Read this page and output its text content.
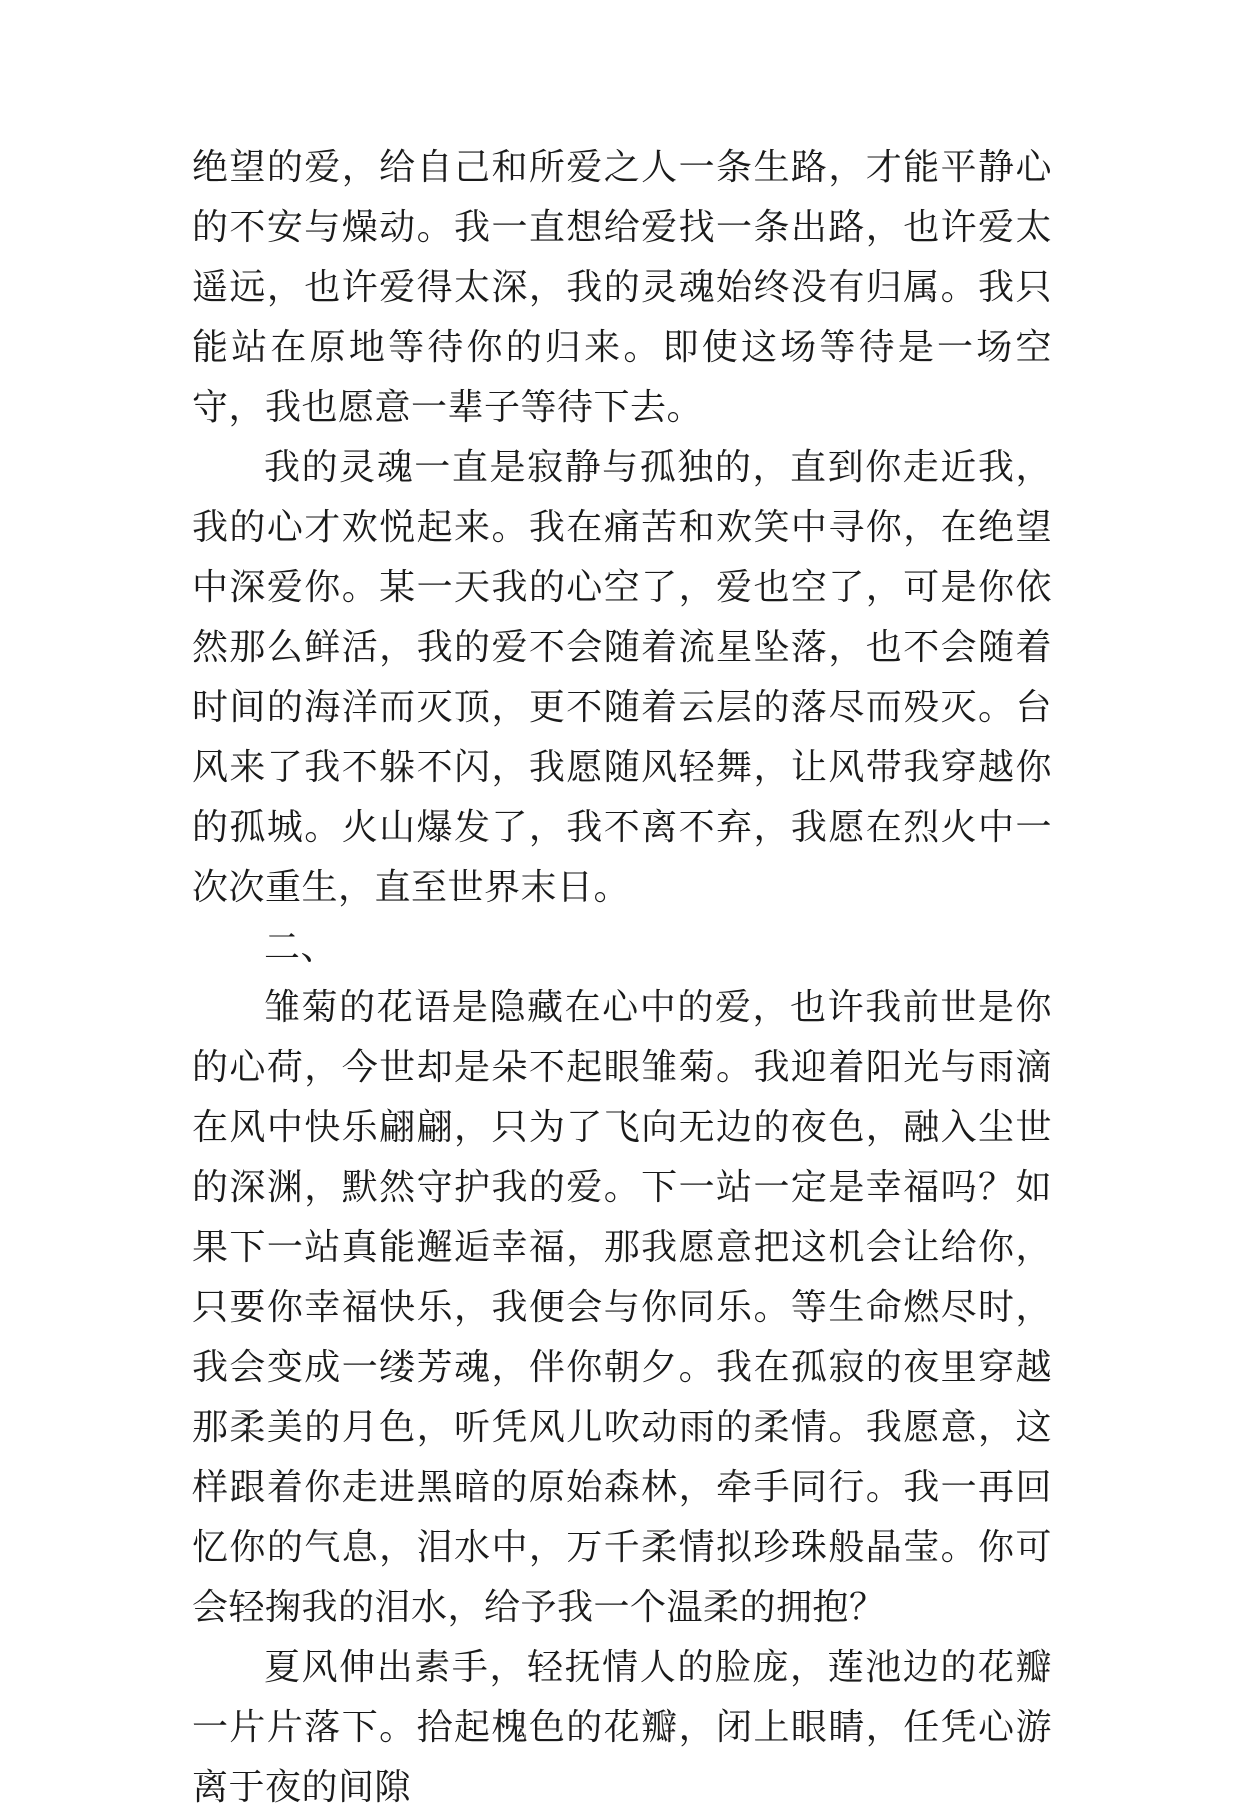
绝望的爱，给自己和所爱之人一条生路，才能平静心的不安与燥动。我一直想给爱找一条出路，也许爱太遥远，也许爱得太深，我的灵魂始终没有归属。我只能站在原地等待你的归来。即使这场等待是一场空守，我也愿意一辈子等待下去。

我的灵魂一直是寂静与孤独的，直到你走近我，我的心才欢悦起来。我在痛苦和欢笑中寻你，在绝望中深爱你。某一天我的心空了，爱也空了，可是你依然那么鲜活，我的爱不会随着流星坠落，也不会随着时间的海洋而灭顶，更不随着云层的落尽而殁灭。台风来了我不躲不闪，我愿随风轻舞，让风带我穿越你的孤城。火山爆发了，我不离不弃，我愿在烈火中一次次重生，直至世界末日。

二、

雏菊的花语是隐藏在心中的爱，也许我前世是你的心荷，今世却是朵不起眼雏菊。我迎着阳光与雨滴在风中快乐翩翩，只为了飞向无边的夜色，融入尘世的深渊，默然守护我的爱。下一站一定是幸福吗？如果下一站真能邂逅幸福，那我愿意把这机会让给你，只要你幸福快乐，我便会与你同乐。等生命燃尽时，我会变成一缕芳魂，伴你朝夕。我在孤寂的夜里穿越那柔美的月色，听凭风儿吹动雨的柔情。我愿意，这样跟着你走进黑暗的原始森林，牵手同行。我一再回忆你的气息，泪水中，万千柔情拟珍珠般晶莹。你可会轻掬我的泪水，给予我一个温柔的拥抱？

夏风伸出素手，轻抚情人的脸庞，莲池边的花瓣一片片落下。拾起槐色的花瓣，闭上眼睛，任凭心游离于夜的间隙
